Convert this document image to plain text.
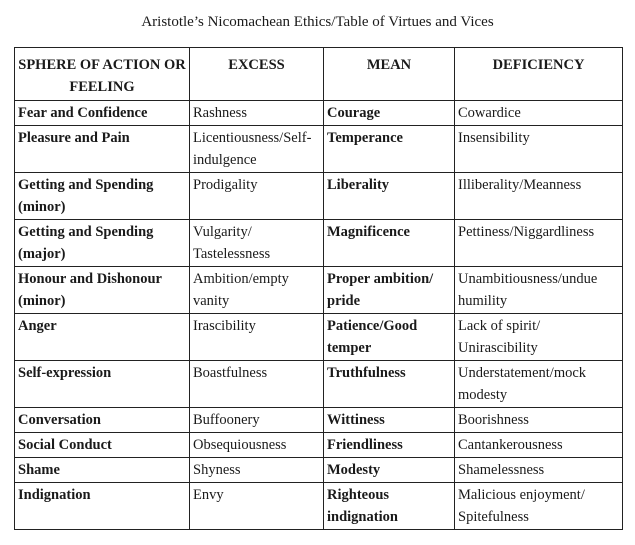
Aristotle’s Nicomachean Ethics/Table of Virtues and Vices
SPHERE OF ACTION OR FEELING	EXCESS	MEAN	DEFICIENCY
Fear and Confidence	Rashness	Courage	Cowardice
Pleasure and Pain	Licentiousness/Self-indulgence	Temperance	Insensibility
Getting and Spending (minor)	Prodigality	Liberality	Illiberality/Meanness
Getting and Spending (major)	Vulgarity/ Tastelessness	Magnificence	Pettiness/Niggardliness
Honour and Dishonour (minor)	Ambition/empty vanity	Proper ambition/ pride	Unambitiousness/undue humility
Anger	Irascibility	Patience/Good temper	Lack of spirit/ Unirascibility
Self-expression	Boastfulness	Truthfulness	Understatement/mock modesty
Conversation	Buffoonery	Wittiness	Boorishness
Social Conduct	Obsequiousness	Friendliness	Cantankerousness
Shame	Shyness	Modesty	Shamelessness
Indignation	Envy	Righteous indignation	Malicious enjoyment/ Spitefulness
